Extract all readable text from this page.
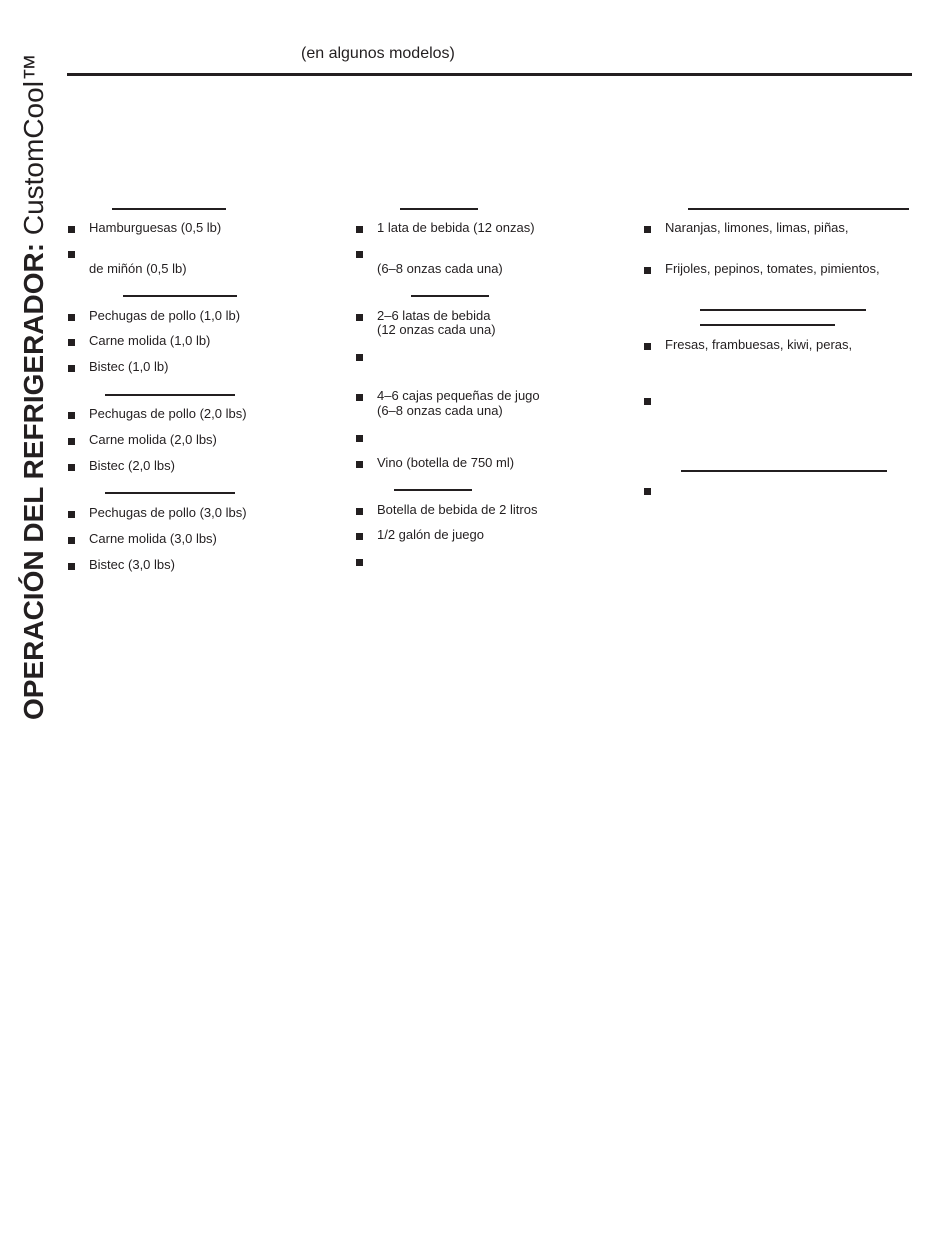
OPERACIÓN DEL REFRIGERADOR: CustomCool™	(en algunos modelos)
Hamburguesas (0,5 lb)
de miñón (0,5 lb)
Pechugas de pollo (1,0 lb)
Carne molida (1,0 lb)
Bistec (1,0 lb)
Pechugas de pollo (2,0 lbs)
Carne molida (2,0 lbs)
Bistec (2,0 lbs)
Pechugas de pollo (3,0 lbs)
Carne molida (3,0 lbs)
Bistec (3,0 lbs)
1 lata de bebida (12 onzas)
(6–8 onzas cada una)
2–6 latas de bebida
(12 onzas cada una)
4–6 cajas pequeñas de jugo
(6–8 onzas cada una)
Vino (botella de 750 ml)
Botella de bebida de 2 litros
1/2 galón de juego
Naranjas, limones, limas, piñas,
Frijoles, pepinos, tomates, pimientos,
Fresas, frambuesas, kiwi, peras,
